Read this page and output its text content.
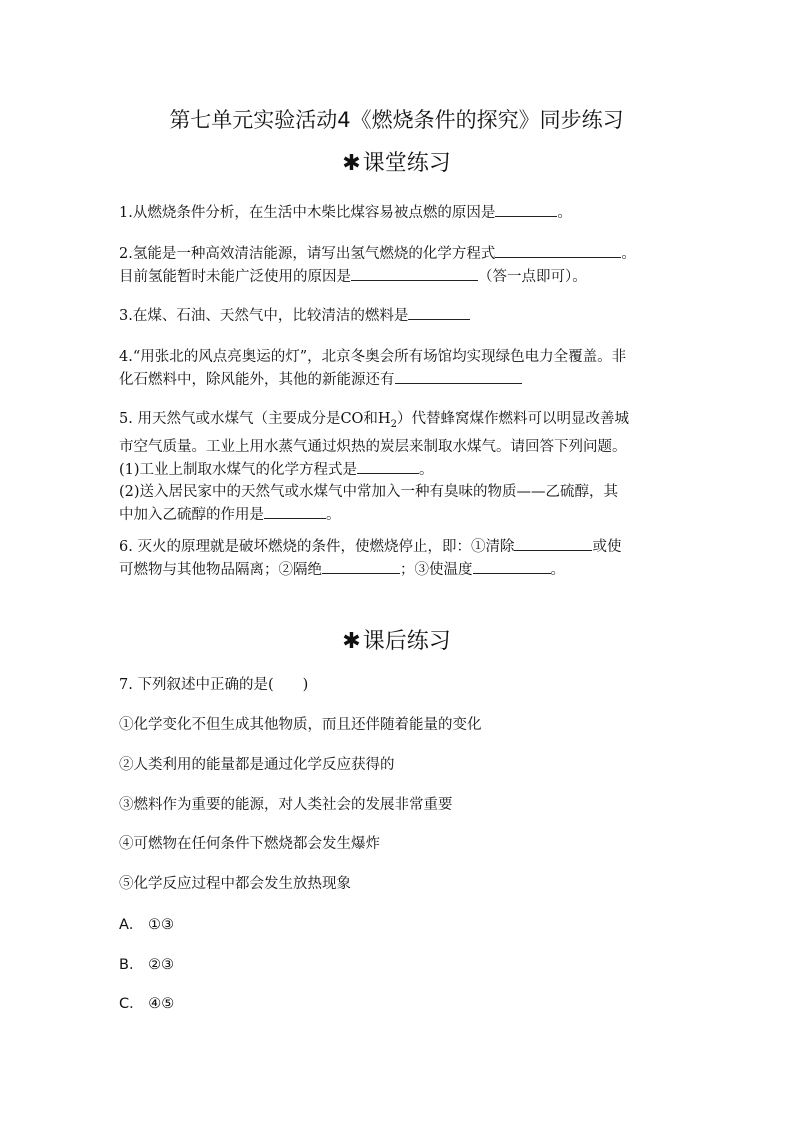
第七单元实验活动4《燃烧条件的探究》同步练习
✱课堂练习
1.从燃烧条件分析，在生活中木柴比煤容易被点燃的原因是	。
2.氢能是一种高效清洁能源，请写出氢气燃烧的化学方程式	。
目前氢能暂时未能广泛使用的原因是	（答一点即可）。
3.在煤、石油、天然气中，比较清洁的燃料是
4.“用张北的风点亮奥运的灯”，北京冬奥会所有场馆均实现绿色电力全覆盖。非
化石燃料中，除风能外，其他的新能源还有
5. 用天然气或水煤气（主要成分是CO和$H_2$）代替蜂窝煤作燃料可以明显改善城
市空气质量。工业上用水蒸气通过炽热的炭层来制取水煤气。请回答下列问题。
(1)工业上制取水煤气的化学方程式是	。
(2)送入居民家中的天然气或水煤气中常加入一种有臭味的物质——乙硫醇，其
中加入乙硫醇的作用是	。
6. 灭火的原理就是破坏燃烧的条件，使燃烧停止，即：①清除	或使
可燃物与其他物品隔离；②隔绝	；③使温度	。
✱课后练习
7. 下列叙述中正确的是(　　)
①化学变化不但生成其他物质，而且还伴随着能量的变化
②人类利用的能量都是通过化学反应获得的
③燃料作为重要的能源，对人类社会的发展非常重要
④可燃物在任何条件下燃烧都会发生爆炸
⑤化学反应过程中都会发生放热现象
A． ①③
B． ②③
C． ④⑤
